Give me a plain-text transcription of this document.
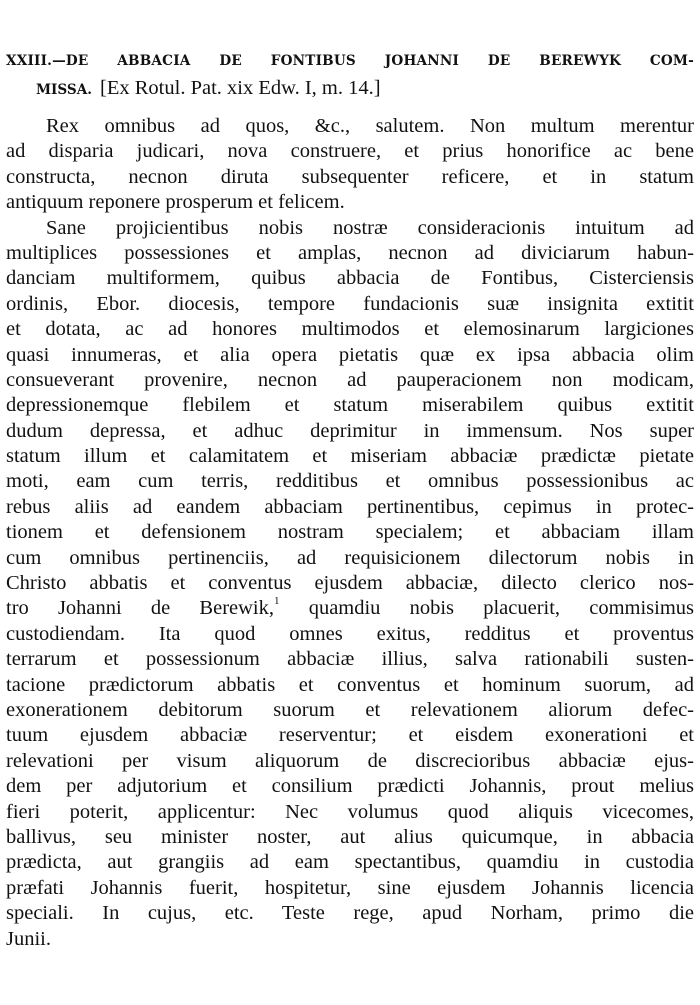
XXIII.—DE ABBACIA DE FONTIBUS JOHANNI DE BEREWYK COM-
MISSA. [Ex Rotul. Pat. xix Edw. I, m. 14.]
Rex omnibus ad quos, &c., salutem. Non multum merentur
ad disparia judicari, nova construere, et prius honorifice ac bene
constructa, necnon diruta subsequenter reficere, et in statum
antiquum reponere prosperum et felicem.
Sane projicientibus nobis nostræ consideracionis intuitum ad
multiplices possessiones et amplas, necnon ad diviciarum habun-
danciam multiformem, quibus abbacia de Fontibus, Cisterciensis
ordinis, Ebor. diocesis, tempore fundacionis suæ insignita extitit
et dotata, ac ad honores multimodos et elemosinarum largiciones
quasi innumeras, et alia opera pietatis quæ ex ipsa abbacia olim
consueverant provenire, necnon ad pauperacionem non modicam,
depressionemque flebilem et statum miserabilem quibus extitit
dudum depressa, et adhuc deprimitur in immensum. Nos super
statum illum et calamitatem et miseriam abbaciæ prædictæ pietate
moti, eam cum terris, redditibus et omnibus possessionibus ac
rebus aliis ad eandem abbaciam pertinentibus, cepimus in protec-
tionem et defensionem nostram specialem; et abbaciam illam
cum omnibus pertinenciis, ad requisicionem dilectorum nobis in
Christo abbatis et conventus ejusdem abbaciæ, dilecto clerico nos-
tro Johanni de Berewik,$^1$ quamdiu nobis placuerit, commisimus
custodiendam. Ita quod omnes exitus, redditus et proventus
terrarum et possessionum abbaciæ illius, salva rationabili susten-
tacione prædictorum abbatis et conventus et hominum suorum, ad
exonerationem debitorum suorum et relevationem aliorum defec-
tuum ejusdem abbaciæ reserventur; et eisdem exonerationi et
relevationi per visum aliquorum de discrecioribus abbaciæ ejus-
dem per adjutorium et consilium prædicti Johannis, prout melius
fieri poterit, applicentur: Nec volumus quod aliquis vicecomes,
ballivus, seu minister noster, aut alius quicumque, in abbacia
prædicta, aut grangiis ad eam spectantibus, quamdiu in custodia
præfati Johannis fuerit, hospitetur, sine ejusdem Johannis licencia
speciali. In cujus, etc. Teste rege, apud Norham, primo die
Junii.
